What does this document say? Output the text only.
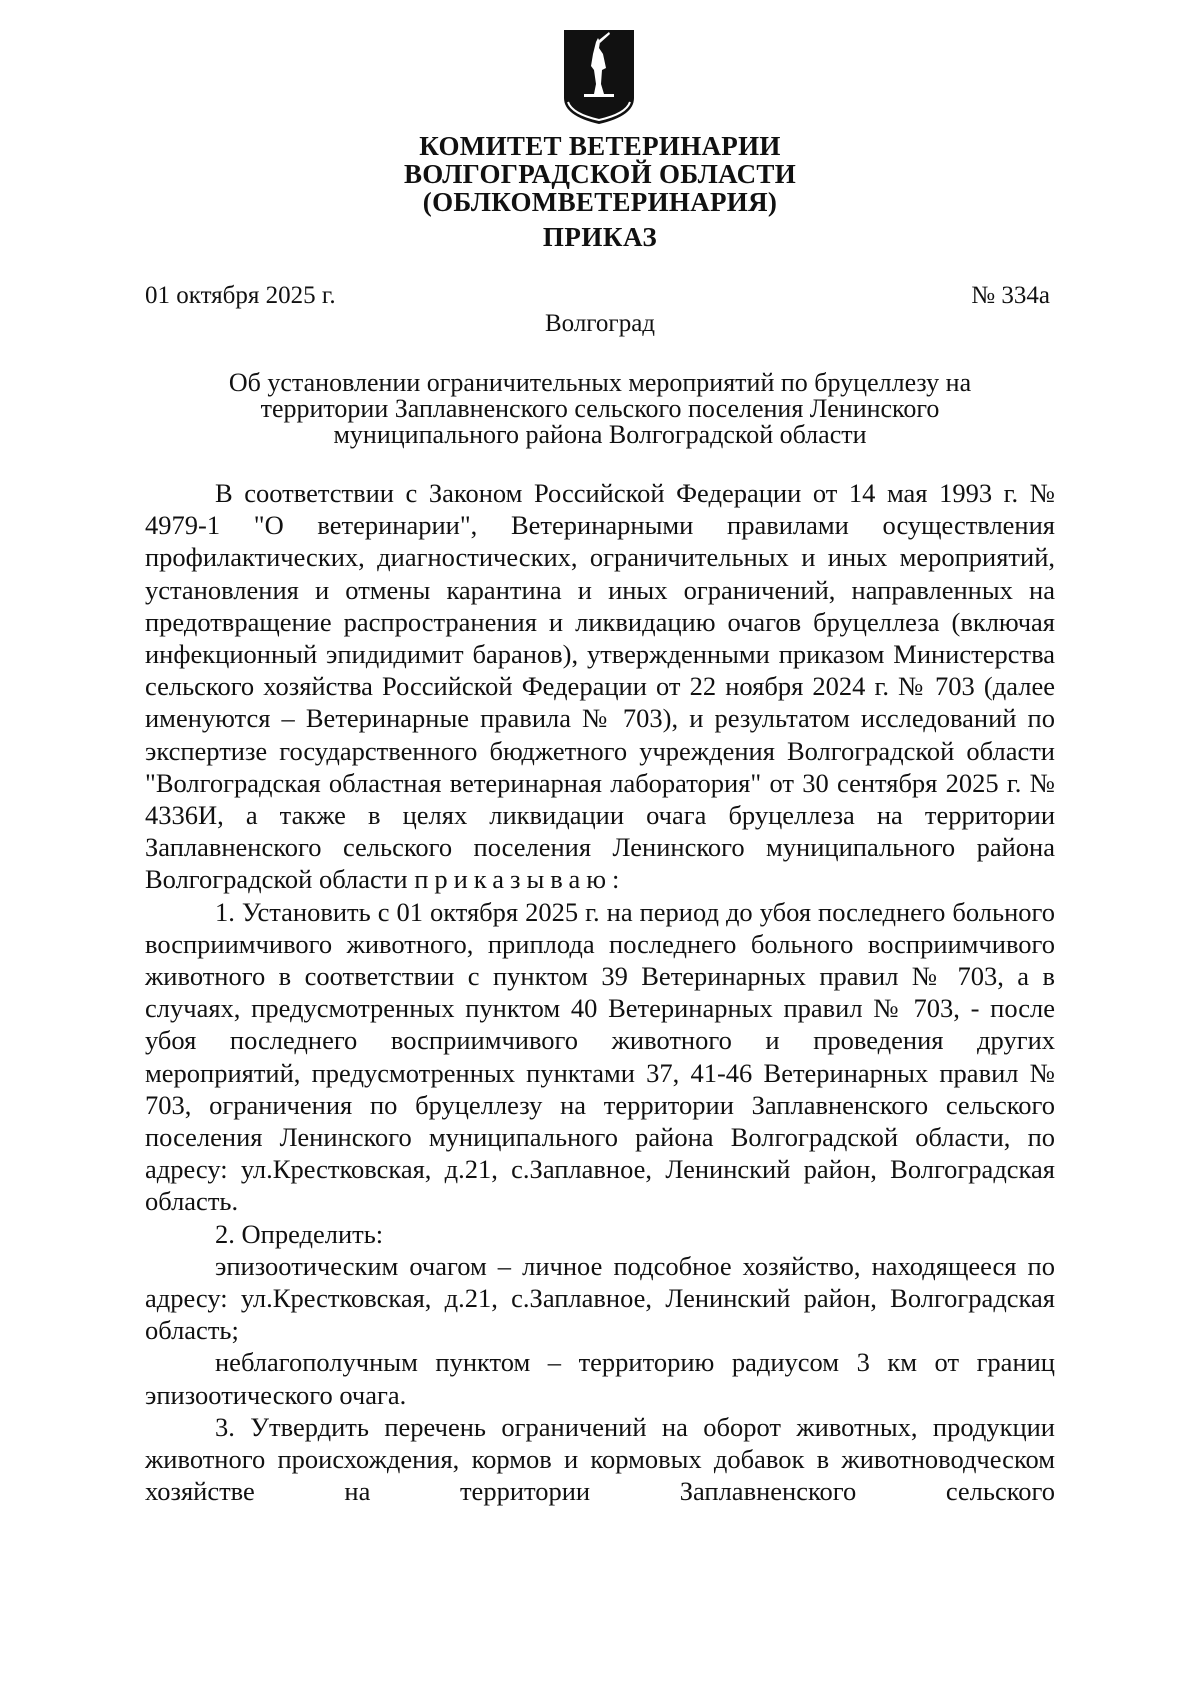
КОМИТЕТ ВЕТЕРИНАРИИ
ВОЛГОГРАДСКОЙ ОБЛАСТИ
(ОБЛКОМВЕТЕРИНАРИЯ)
ПРИКАЗ
01 октября 2025 г.	№ 334а
Волгоград
Об установлении ограничительных мероприятий по бруцеллезу на
территории Заплавненского сельского поселения Ленинского
муниципального района Волгоградской области

В соответствии с Законом Российской Федерации от 14 мая 1993 г. № 4979-1 "О ветеринарии", Ветеринарными правилами осуществления профилактических, диагностических, ограничительных и иных мероприятий, установления и отмены карантина и иных ограничений, направленных на предотвращение распространения и ликвидацию очагов бруцеллеза (включая инфекционный эпидидимит баранов), утвержденными приказом Министерства сельского хозяйства Российской Федерации от 22 ноября 2024 г. № 703 (далее именуются – Ветеринарные правила № 703), и результатом исследований по экспертизе государственного бюджетного учреждения Волгоградской области "Волгоградская областная ветеринарная лаборатория" от 30 сентября 2025 г. № 4336И, а также в целях ликвидации очага бруцеллеза на территории Заплавненского сельского поселения Ленинского муниципального района Волгоградской области приказываю:

1. Установить с 01 октября 2025 г. на период до убоя последнего больного восприимчивого животного, приплода последнего больного восприимчивого животного в соответствии с пунктом 39 Ветеринарных правил № 703, а в случаях, предусмотренных пунктом 40 Ветеринарных правил № 703, - после убоя последнего восприимчивого животного и проведения других мероприятий, предусмотренных пунктами 37, 41-46 Ветеринарных правил № 703, ограничения по бруцеллезу на территории Заплавненского сельского поселения Ленинского муниципального района Волгоградской области, по адресу: ул.Крестковская, д.21, с.Заплавное, Ленинский район, Волгоградская область.

2. Определить:

эпизоотическим очагом – личное подсобное хозяйство, находящееся по адресу: ул.Крестковская, д.21, с.Заплавное, Ленинский район, Волгоградская область;

неблагополучным пунктом – территорию радиусом 3 км от границ эпизоотического очага.

3. Утвердить перечень ограничений на оборот животных, продукции животного происхождения, кормов и кормовых добавок в животноводческом хозяйстве на территории Заплавненского сельского
